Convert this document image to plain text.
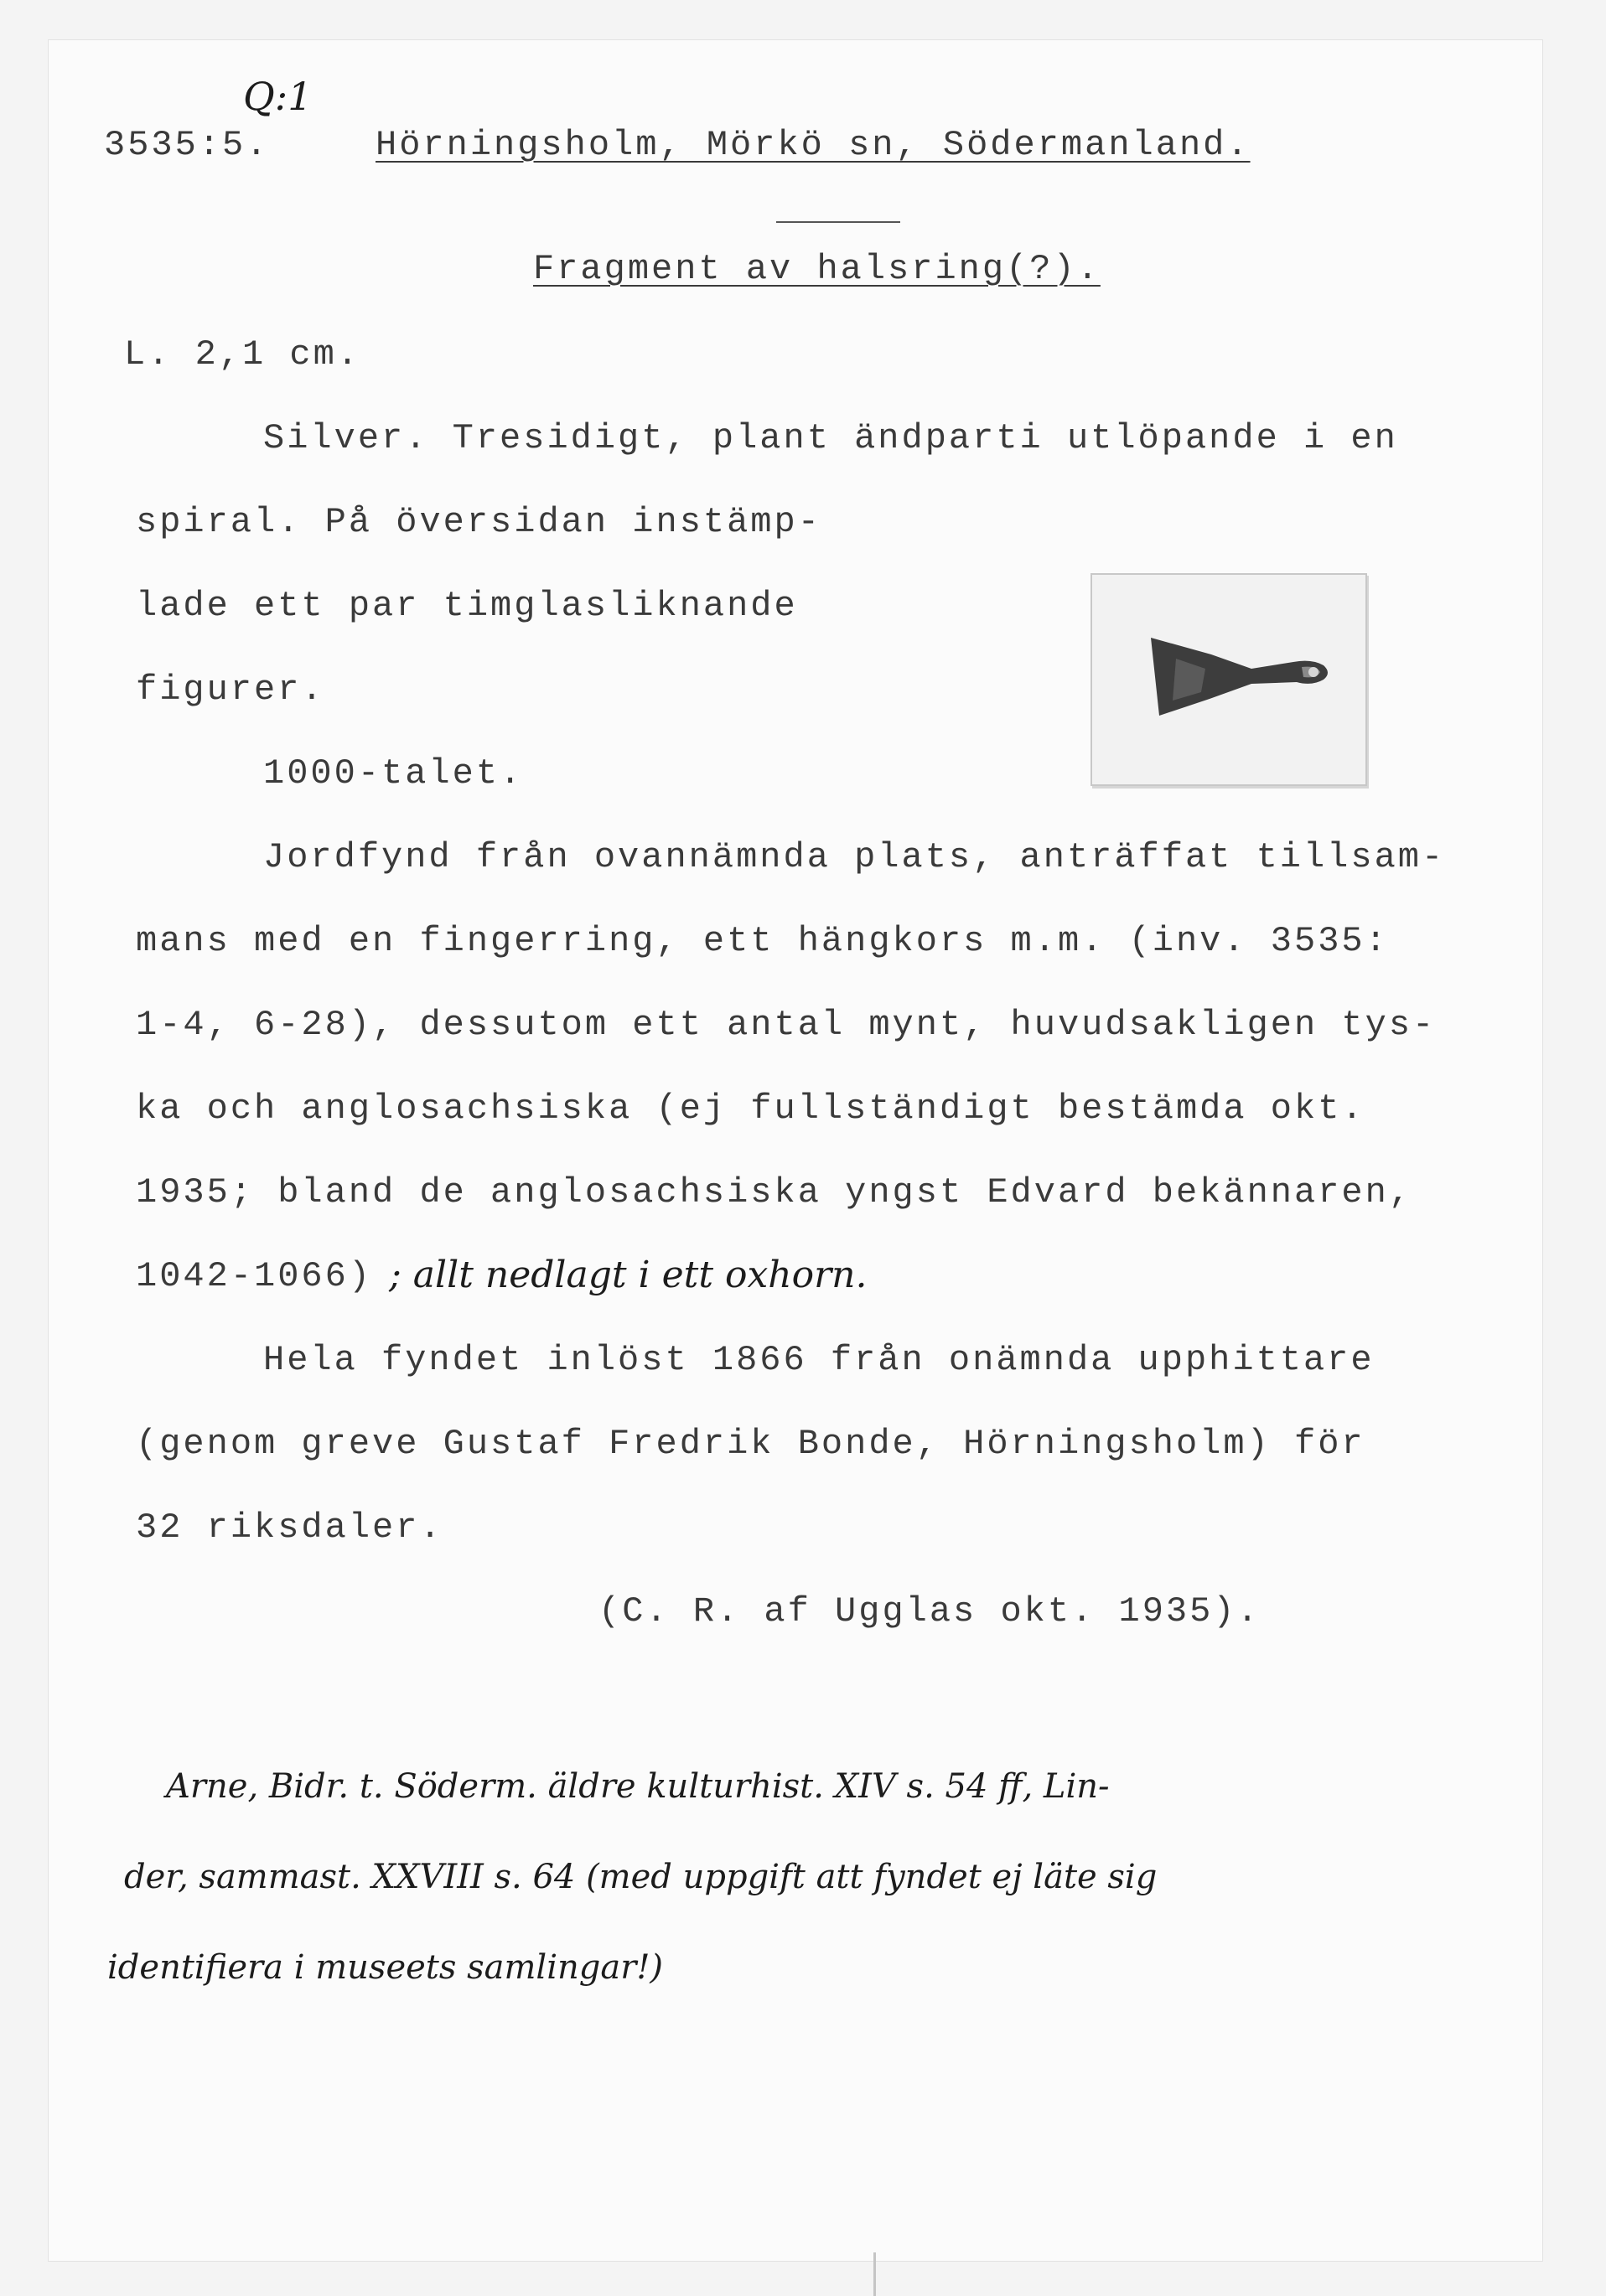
Q:1
3535:5.	Hörningsholm, Mörkö sn, Södermanland.
Fragment av halsring(?).
L. 2,1 cm.
Silver. Tresidigt, plant ändparti utlöpande i en
spiral. På översidan instämp-
lade ett par timglasliknande
figurer.
1000-talet.
Jordfynd från ovannämnda plats, anträffat tillsam-
mans med en fingerring, ett hängkors m.m. (inv. 3535:
1-4, 6-28), dessutom ett antal mynt, huvudsakligen tys-
ka och anglosachsiska (ej fullständigt bestämda okt.
1935; bland de anglosachsiska yngst Edvard bekännaren,
1042-1066) ; allt nedlagt i ett oxhorn.
Hela fyndet inlöst 1866 från onämnda upphittare
(genom greve Gustaf Fredrik Bonde, Hörningsholm) för
32 riksdaler.
(C. R. af Ugglas okt. 1935).
Arne, Bidr. t. Söderm. äldre kulturhist. XIV s. 54 ff, Lin-
der, sammast. XXVIII s. 64 (med uppgift att fyndet ej läte sig
identifiera i museets samlingar!)
